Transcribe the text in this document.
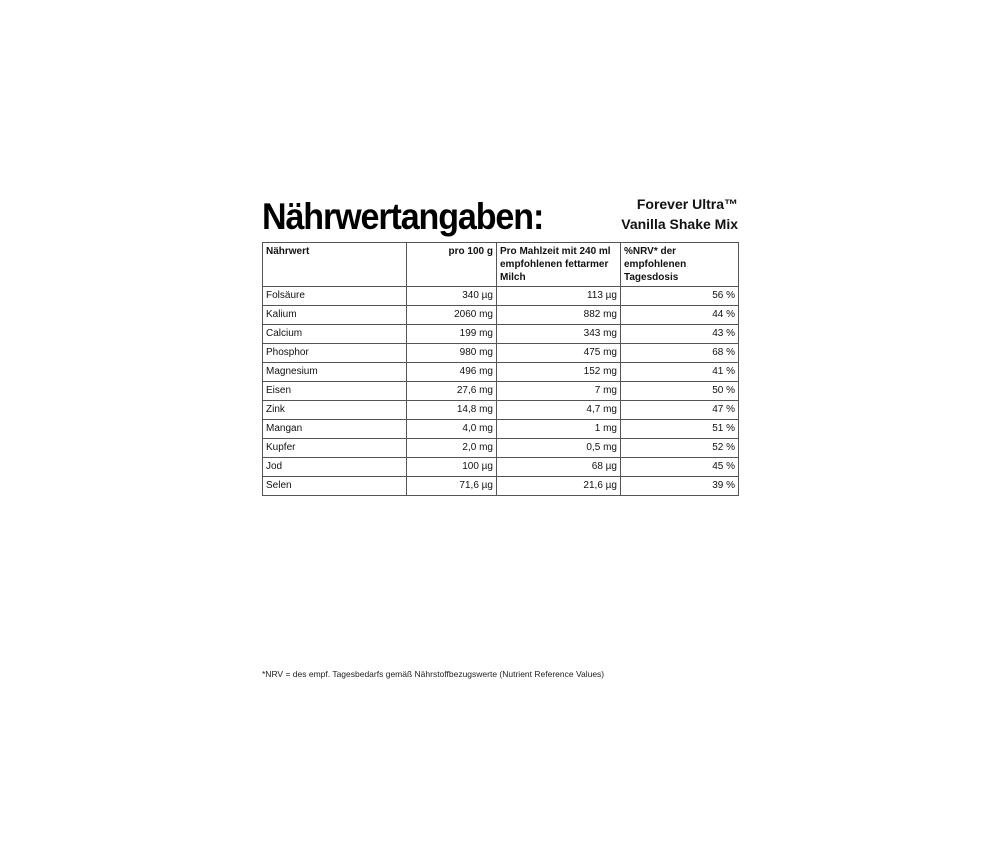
Nährwertangaben:	Forever Ultra™
Vanilla Shake Mix
Nährwert	pro 100 g	Pro Mahlzeit mit 240 ml empfohlenen fettarmer Milch	%NRV* der empfohlenen Tagesdosis
Folsäure	340 µg	113 µg	56 %
Kalium	2060 mg	882 mg	44 %
Calcium	199 mg	343 mg	43 %
Phosphor	980 mg	475 mg	68 %
Magnesium	496 mg	152 mg	41 %
Eisen	27,6 mg	7 mg	50 %
Zink	14,8 mg	4,7 mg	47 %
Mangan	4,0 mg	1 mg	51 %
Kupfer	2,0 mg	0,5 mg	52 %
Jod	100 µg	68 µg	45 %
Selen	71,6 µg	21,6 µg	39 %
*NRV = des empf. Tagesbedarfs gemäß Nährstoffbezugswerte (Nutrient Reference Values)
